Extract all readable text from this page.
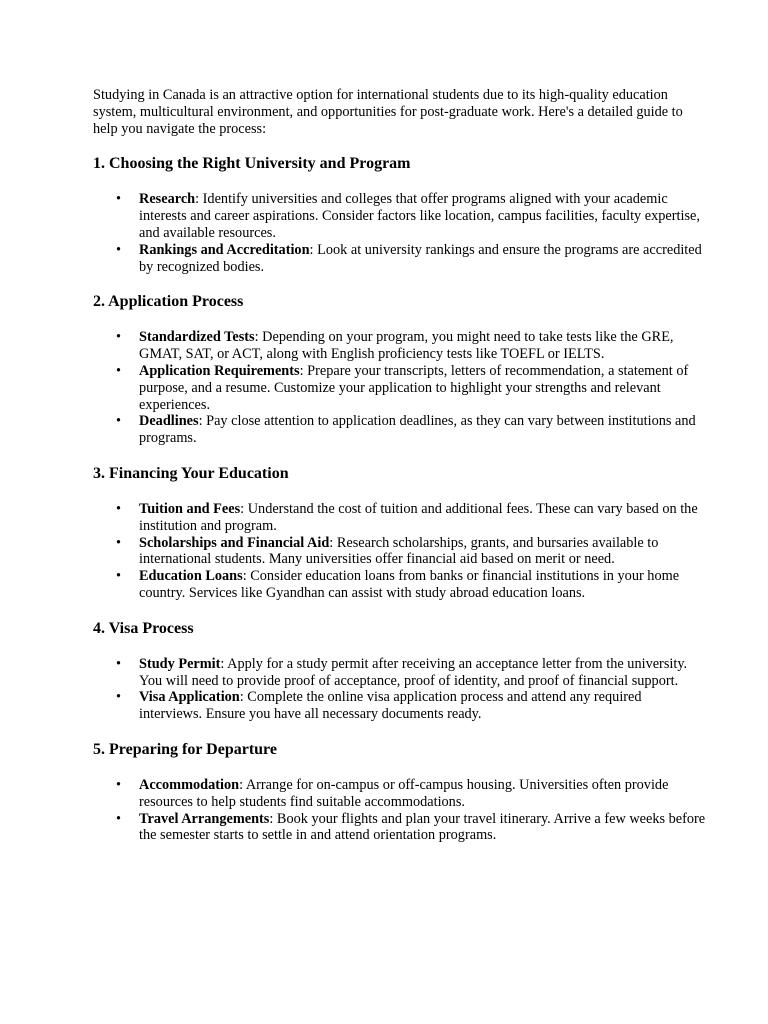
Studying in Canada is an attractive option for international students due to its high-quality education system, multicultural environment, and opportunities for post-graduate work. Here's a detailed guide to help you navigate the process:

1. Choosing the Right University and Program
•	Research: Identify universities and colleges that offer programs aligned with your academic interests and career aspirations. Consider factors like location, campus facilities, faculty expertise, and available resources.
•	Rankings and Accreditation: Look at university rankings and ensure the programs are accredited by recognized bodies.
2. Application Process
•	Standardized Tests: Depending on your program, you might need to take tests like the GRE, GMAT, SAT, or ACT, along with English proficiency tests like TOEFL or IELTS.
•	Application Requirements: Prepare your transcripts, letters of recommendation, a statement of purpose, and a resume. Customize your application to highlight your strengths and relevant experiences.
•	Deadlines: Pay close attention to application deadlines, as they can vary between institutions and programs.
3. Financing Your Education
•	Tuition and Fees: Understand the cost of tuition and additional fees. These can vary based on the institution and program.
•	Scholarships and Financial Aid: Research scholarships, grants, and bursaries available to international students. Many universities offer financial aid based on merit or need.
•	Education Loans: Consider education loans from banks or financial institutions in your home country. Services like Gyandhan can assist with study abroad education loans.
4. Visa Process
•	Study Permit: Apply for a study permit after receiving an acceptance letter from the university. You will need to provide proof of acceptance, proof of identity, and proof of financial support.
•	Visa Application: Complete the online visa application process and attend any required interviews. Ensure you have all necessary documents ready.
5. Preparing for Departure
•	Accommodation: Arrange for on-campus or off-campus housing. Universities often provide resources to help students find suitable accommodations.
•	Travel Arrangements: Book your flights and plan your travel itinerary. Arrive a few weeks before the semester starts to settle in and attend orientation programs.
